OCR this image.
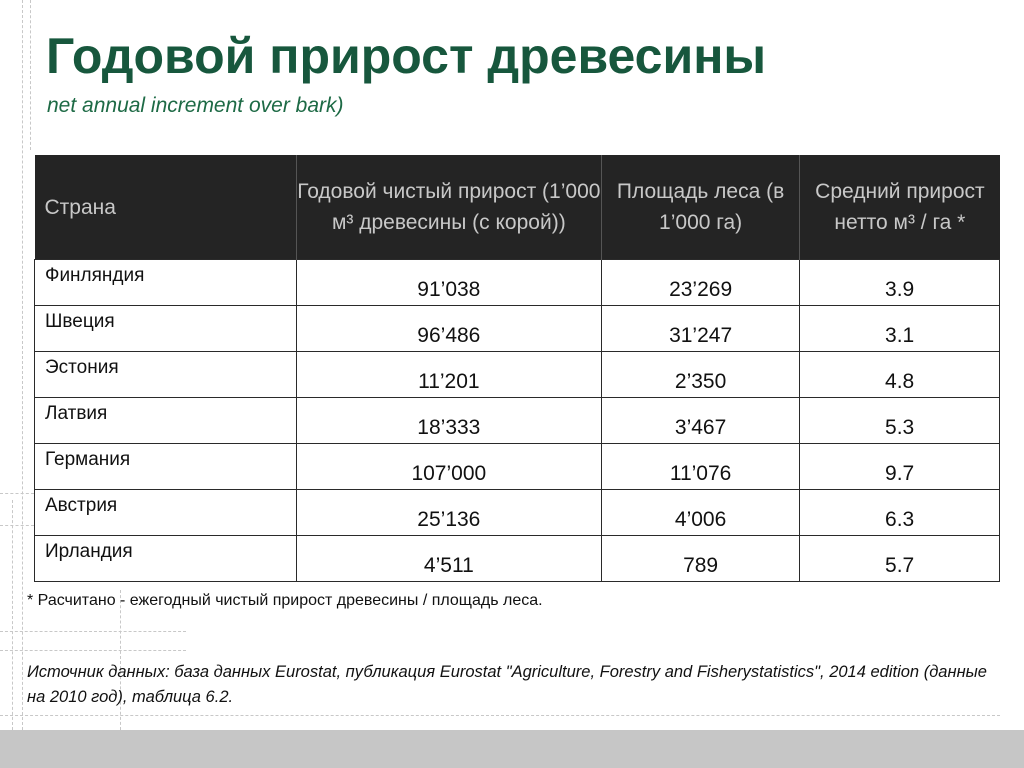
Годовой прирост древесины

net annual increment over bark)

Страна	Годовой чистый прирост (1’000 м³ древесины (с корой))	Площадь леса (в 1’000 га)	Средний прирост нетто м³ / га *
Финляндия	91’038	23’269	3.9
Швеция	96’486	31’247	3.1
Эстония	11’201	2’350	4.8
Латвия	18’333	3’467	5.3
Германия	107’000	11’076	9.7
Австрия	25’136	4’006	6.3
Ирландия	4’511	789	5.7

* Расчитано - ежегодный чистый прирост древесины / площадь леса.

Источник данных: база данных Eurostat, публикация Eurostat "Agriculture, Forestry and Fisherystatistics", 2014 edition (данные на 2010 год), таблица 6.2.
